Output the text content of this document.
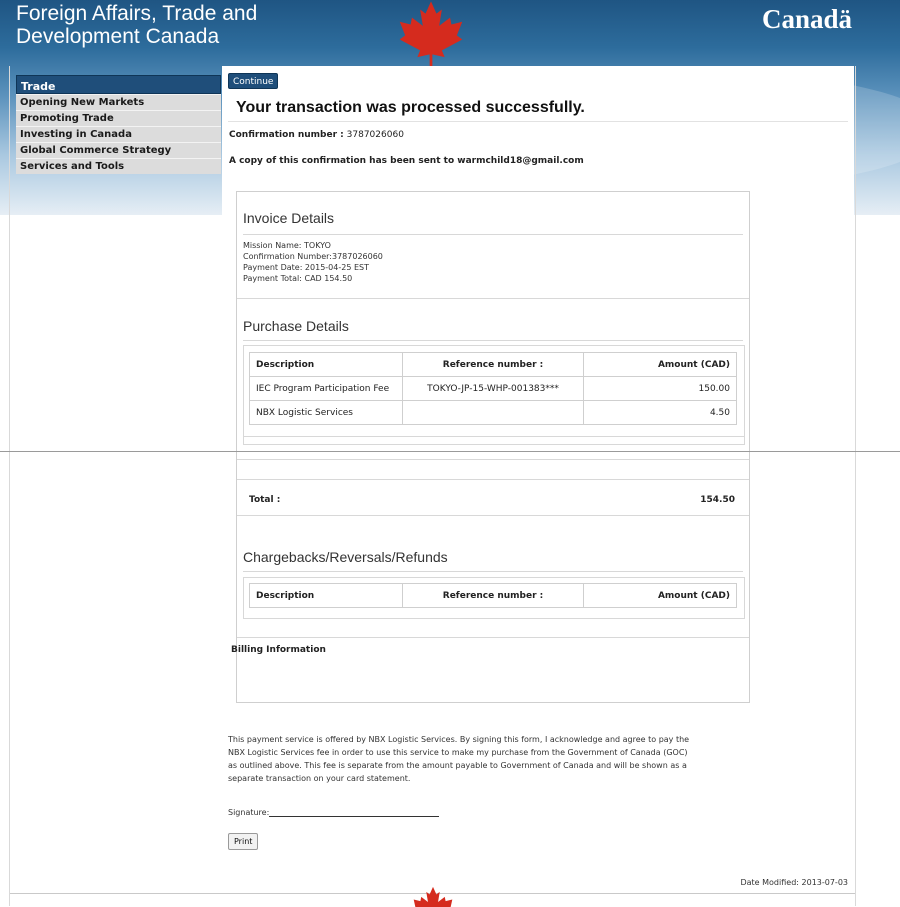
Foreign Affairs, Trade and
Development Canada
Canadä
Trade
Opening New Markets
Promoting Trade
Investing in Canada
Global Commerce Strategy
Services and Tools
Continue
Your transaction was processed successfully.
Confirmation number : 3787026060
A copy of this confirmation has been sent to warmchild18@gmail.com
Invoice Details
Mission Name: TOKYO
Confirmation Number:3787026060
Payment Date: 2015-04-25 EST
Payment Total: CAD 154.50
Purchase Details
Description	Reference number :	Amount (CAD)
IEC Program Participation Fee	TOKYO-JP-15-WHP-001383***	150.00
NBX Logistic Services		4.50
Total :	154.50
Chargebacks/Reversals/Refunds
Description	Reference number :	Amount (CAD)
Billing Information

This payment service is offered by NBX Logistic Services. By signing this form, I acknowledge and agree to pay the NBX Logistic Services fee in order to use this service to make my purchase from the Government of Canada (GOC) as outlined above. This fee is separate from the amount payable to Government of Canada and will be shown as a separate transaction on your card statement.

Signature:
Print
Date Modified: 2013-07-03
